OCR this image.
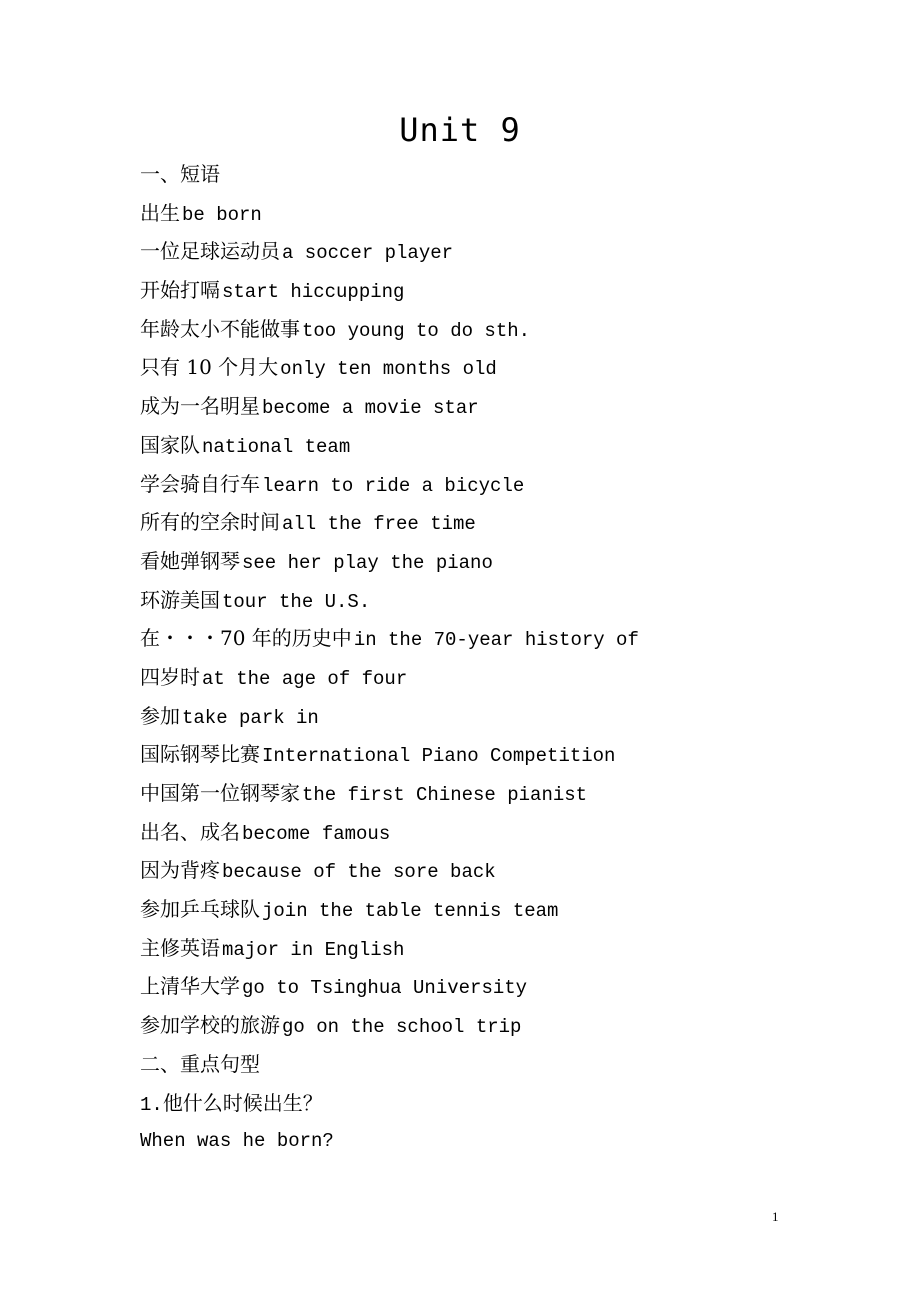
Unit 9
一、短语
出生 be born
一位足球运动员 a soccer player
开始打嗝 start hiccupping
年龄太小不能做事 too young to do sth.
只有 10 个月大 only ten months old
成为一名明星 become a movie star
国家队 national team
学会骑自行车 learn to ride a bicycle
所有的空余时间 all the free time
看她弹钢琴 see her play the piano
环游美国 tour the U.S.
在・・・70 年的历史中 in the 70-year history of
四岁时 at the age of four
参加 take park in
国际钢琴比赛 International Piano Competition
中国第一位钢琴家 the first Chinese pianist
出名、成名 become famous
因为背疼 because of the sore back
参加乒乓球队 join the table tennis team
主修英语 major in English
上清华大学 go to Tsinghua University
参加学校的旅游 go on the school trip
二、重点句型
1.他什么时候出生？
When was he born?
1
